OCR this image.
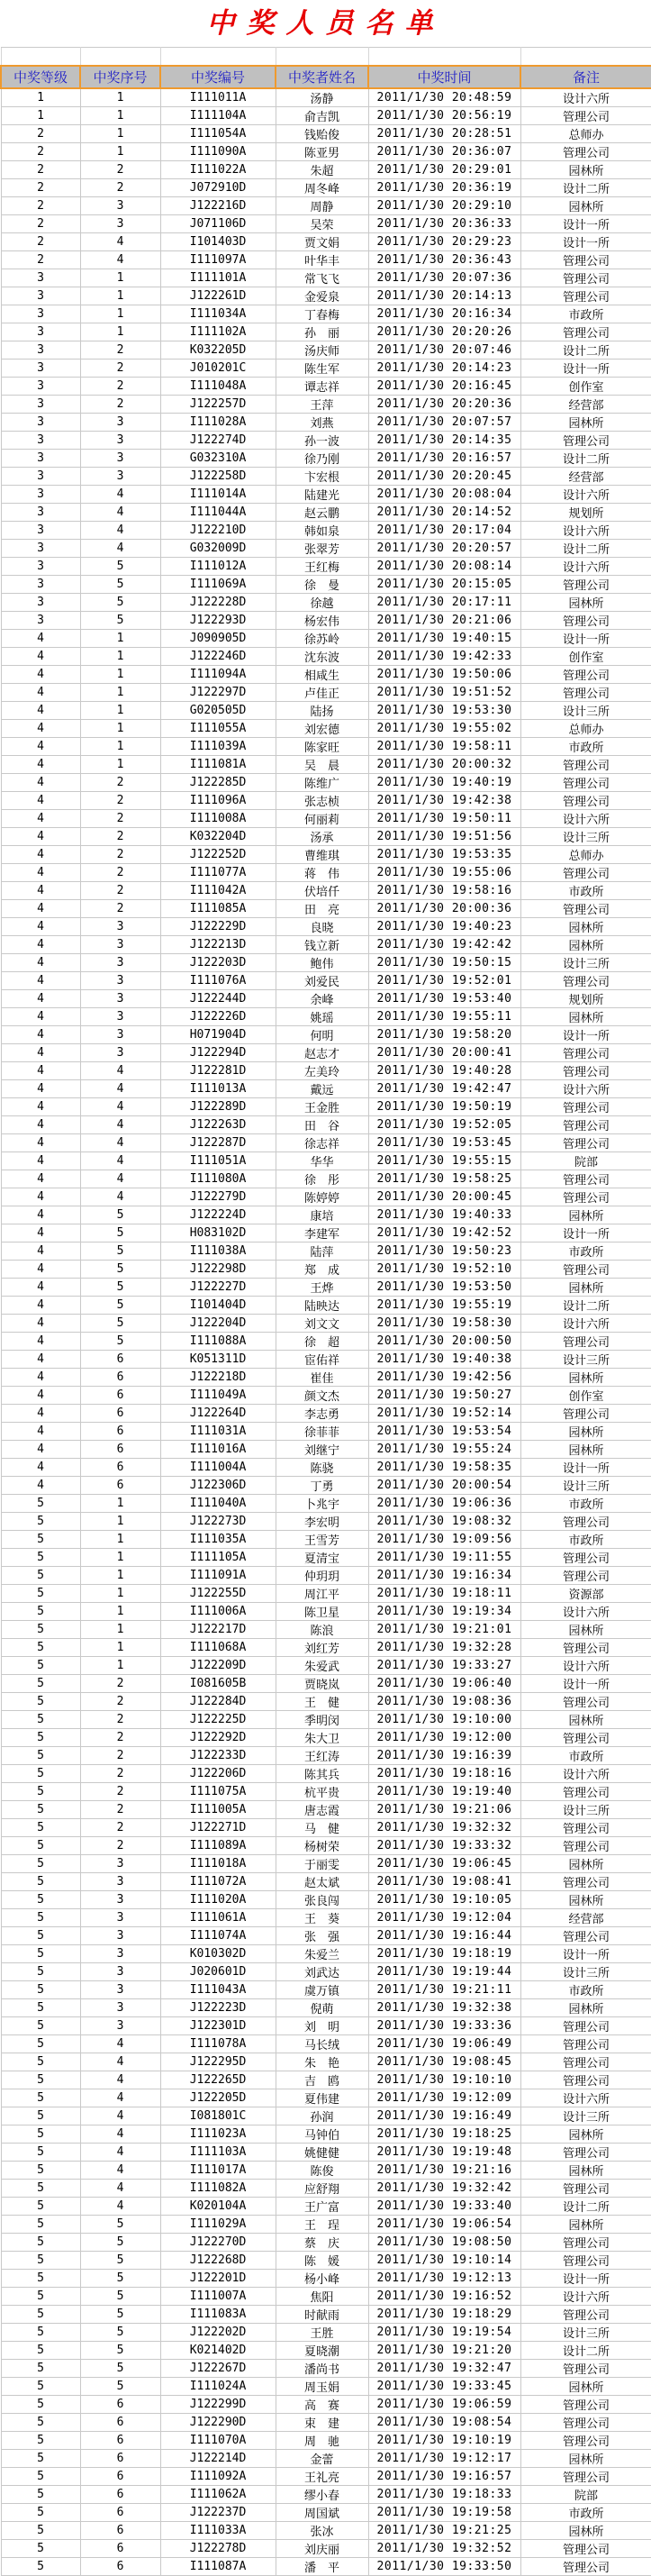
中奖人员名单

中奖等级	中奖序号	中奖编号	中奖者姓名	中奖时间	备注
1	1	I111011A	汤静	2011/1/30 20:48:59	设计六所
1	1	I111104A	俞吉凯	2011/1/30 20:56:19	管理公司
2	1	I111054A	钱贻俊	2011/1/30 20:28:51	总师办
2	1	I111090A	陈亚男	2011/1/30 20:36:07	管理公司
2	2	I111022A	朱超	2011/1/30 20:29:01	园林所
2	2	J072910D	周冬峰	2011/1/30 20:36:19	设计二所
2	3	J122216D	周静	2011/1/30 20:29:10	园林所
2	3	J071106D	吴荣	2011/1/30 20:36:33	设计一所
2	4	I101403D	贾文娟	2011/1/30 20:29:23	设计一所
2	4	I111097A	叶华丰	2011/1/30 20:36:43	管理公司
3	1	I111101A	常飞飞	2011/1/30 20:07:36	管理公司
3	1	J122261D	金爱泉	2011/1/30 20:14:13	管理公司
3	1	I111034A	丁春梅	2011/1/30 20:16:34	市政所
3	1	I111102A	孙　丽	2011/1/30 20:20:26	管理公司
3	2	K032205D	汤庆师	2011/1/30 20:07:46	设计二所
3	2	J010201C	陈生军	2011/1/30 20:14:23	设计一所
3	2	I111048A	谭志祥	2011/1/30 20:16:45	创作室
3	2	J122257D	王萍	2011/1/30 20:20:36	经营部
3	3	I111028A	刘燕	2011/1/30 20:07:57	园林所
3	3	J122274D	孙一波	2011/1/30 20:14:35	管理公司
3	3	G032310A	徐乃刚	2011/1/30 20:16:57	设计二所
3	3	J122258D	卞宏根	2011/1/30 20:20:45	经营部
3	4	I111014A	陆建光	2011/1/30 20:08:04	设计六所
3	4	I111044A	赵云鹏	2011/1/30 20:14:52	规划所
3	4	J122210D	韩如泉	2011/1/30 20:17:04	设计六所
3	4	G032009D	张翠芳	2011/1/30 20:20:57	设计二所
3	5	I111012A	王红梅	2011/1/30 20:08:14	设计六所
3	5	I111069A	徐　曼	2011/1/30 20:15:05	管理公司
3	5	J122228D	徐越	2011/1/30 20:17:11	园林所
3	5	J122293D	杨宏伟	2011/1/30 20:21:06	管理公司
4	1	J090905D	徐苏岭	2011/1/30 19:40:15	设计一所
4	1	J122246D	沈东波	2011/1/30 19:42:33	创作室
4	1	I111094A	相咸生	2011/1/30 19:50:06	管理公司
4	1	J122297D	卢佳正	2011/1/30 19:51:52	管理公司
4	1	G020505D	陆扬	2011/1/30 19:53:30	设计三所
4	1	I111055A	刘宏德	2011/1/30 19:55:02	总师办
4	1	I111039A	陈家旺	2011/1/30 19:58:11	市政所
4	1	I111081A	吴　晨	2011/1/30 20:00:32	管理公司
4	2	J122285D	陈维广	2011/1/30 19:40:19	管理公司
4	2	I111096A	张志桢	2011/1/30 19:42:38	管理公司
4	2	I111008A	何丽莉	2011/1/30 19:50:11	设计六所
4	2	K032204D	汤承	2011/1/30 19:51:56	设计三所
4	2	J122252D	曹维琪	2011/1/30 19:53:35	总师办
4	2	I111077A	蒋　伟	2011/1/30 19:55:06	管理公司
4	2	I111042A	伏培仟	2011/1/30 19:58:16	市政所
4	2	I111085A	田　亮	2011/1/30 20:00:36	管理公司
4	3	J122229D	良晓	2011/1/30 19:40:23	园林所
4	3	J122213D	钱立新	2011/1/30 19:42:42	园林所
4	3	J122203D	鲍伟	2011/1/30 19:50:15	设计三所
4	3	I111076A	刘爱民	2011/1/30 19:52:01	管理公司
4	3	J122244D	余峰	2011/1/30 19:53:40	规划所
4	3	J122226D	姚瑶	2011/1/30 19:55:11	园林所
4	3	H071904D	何明	2011/1/30 19:58:20	设计一所
4	3	J122294D	赵志才	2011/1/30 20:00:41	管理公司
4	4	J122281D	左美玲	2011/1/30 19:40:28	管理公司
4	4	I111013A	戴远	2011/1/30 19:42:47	设计六所
4	4	J122289D	王金胜	2011/1/30 19:50:19	管理公司
4	4	J122263D	田　谷	2011/1/30 19:52:05	管理公司
4	4	J122287D	徐志祥	2011/1/30 19:53:45	管理公司
4	4	I111051A	华华	2011/1/30 19:55:15	院部
4	4	I111080A	徐　彤	2011/1/30 19:58:25	管理公司
4	4	J122279D	陈婷婷	2011/1/30 20:00:45	管理公司
4	5	J122224D	康培	2011/1/30 19:40:33	园林所
4	5	H083102D	李建军	2011/1/30 19:42:52	设计一所
4	5	I111038A	陆萍	2011/1/30 19:50:23	市政所
4	5	J122298D	郑　成	2011/1/30 19:52:10	管理公司
4	5	J122227D	王烨	2011/1/30 19:53:50	园林所
4	5	I101404D	陆映达	2011/1/30 19:55:19	设计二所
4	5	J122204D	刘文文	2011/1/30 19:58:30	设计六所
4	5	I111088A	徐　超	2011/1/30 20:00:50	管理公司
4	6	K051311D	宦佑祥	2011/1/30 19:40:38	设计三所
4	6	J122218D	崔佳	2011/1/30 19:42:56	园林所
4	6	I111049A	颜文杰	2011/1/30 19:50:27	创作室
4	6	J122264D	李志勇	2011/1/30 19:52:14	管理公司
4	6	I111031A	徐菲菲	2011/1/30 19:53:54	园林所
4	6	I111016A	刘继宁	2011/1/30 19:55:24	园林所
4	6	I111004A	陈骁	2011/1/30 19:58:35	设计一所
4	6	J122306D	丁勇	2011/1/30 20:00:54	设计三所
5	1	I111040A	卜兆宇	2011/1/30 19:06:36	市政所
5	1	J122273D	李宏明	2011/1/30 19:08:32	管理公司
5	1	I111035A	王雪芳	2011/1/30 19:09:56	市政所
5	1	I111105A	夏清宝	2011/1/30 19:11:55	管理公司
5	1	I111091A	仲玥玥	2011/1/30 19:16:34	管理公司
5	1	J122255D	周江平	2011/1/30 19:18:11	资源部
5	1	I111006A	陈卫星	2011/1/30 19:19:34	设计六所
5	1	J122217D	陈浪	2011/1/30 19:21:01	园林所
5	1	I111068A	刘红芳	2011/1/30 19:32:28	管理公司
5	1	J122209D	朱爱武	2011/1/30 19:33:27	设计六所
5	2	I081605B	贾晓岚	2011/1/30 19:06:40	设计一所
5	2	J122284D	王　健	2011/1/30 19:08:36	管理公司
5	2	J122225D	季明闵	2011/1/30 19:10:00	园林所
5	2	J122292D	朱大卫	2011/1/30 19:12:00	管理公司
5	2	J122233D	王红涛	2011/1/30 19:16:39	市政所
5	2	J122206D	陈其兵	2011/1/30 19:18:16	设计六所
5	2	I111075A	杭平贵	2011/1/30 19:19:40	管理公司
5	2	I111005A	唐志霞	2011/1/30 19:21:06	设计三所
5	2	J122271D	马　健	2011/1/30 19:32:32	管理公司
5	2	I111089A	杨树荣	2011/1/30 19:33:32	管理公司
5	3	I111018A	于丽雯	2011/1/30 19:06:45	园林所
5	3	I111072A	赵太斌	2011/1/30 19:08:41	管理公司
5	3	I111020A	张良闯	2011/1/30 19:10:05	园林所
5	3	I111061A	王　葵	2011/1/30 19:12:04	经营部
5	3	I111074A	张　强	2011/1/30 19:16:44	管理公司
5	3	K010302D	朱爱兰	2011/1/30 19:18:19	设计一所
5	3	J020601D	刘武达	2011/1/30 19:19:44	设计三所
5	3	I111043A	虞万镇	2011/1/30 19:21:11	市政所
5	3	J122223D	倪萌	2011/1/30 19:32:38	园林所
5	3	J122301D	刘　明	2011/1/30 19:33:36	管理公司
5	4	I111078A	马长绒	2011/1/30 19:06:49	管理公司
5	4	J122295D	朱　艳	2011/1/30 19:08:45	管理公司
5	4	J122265D	吉　鸥	2011/1/30 19:10:10	管理公司
5	4	J122205D	夏伟建	2011/1/30 19:12:09	设计六所
5	4	I081801C	孙润	2011/1/30 19:16:49	设计三所
5	4	I111023A	马钟伯	2011/1/30 19:18:25	园林所
5	4	I111103A	姚健健	2011/1/30 19:19:48	管理公司
5	4	I111017A	陈俊	2011/1/30 19:21:16	园林所
5	4	I111082A	应舒翔	2011/1/30 19:32:42	管理公司
5	4	K020104A	王广富	2011/1/30 19:33:40	设计二所
5	5	I111029A	王　珵	2011/1/30 19:06:54	园林所
5	5	J122270D	蔡　庆	2011/1/30 19:08:50	管理公司
5	5	J122268D	陈　媛	2011/1/30 19:10:14	管理公司
5	5	J122201D	杨小峰	2011/1/30 19:12:13	设计一所
5	5	I111007A	焦阳	2011/1/30 19:16:52	设计六所
5	5	I111083A	时献雨	2011/1/30 19:18:29	管理公司
5	5	J122202D	王胜	2011/1/30 19:19:54	设计三所
5	5	K021402D	夏晓潮	2011/1/30 19:21:20	设计二所
5	5	J122267D	潘尚书	2011/1/30 19:32:47	管理公司
5	5	I111024A	周玉娟	2011/1/30 19:33:45	园林所
5	6	J122299D	高　赛	2011/1/30 19:06:59	管理公司
5	6	J122290D	束　建	2011/1/30 19:08:54	管理公司
5	6	I111070A	周　驰	2011/1/30 19:10:19	管理公司
5	6	J122214D	金蕾	2011/1/30 19:12:17	园林所
5	6	I111092A	王礼亮	2011/1/30 19:16:57	管理公司
5	6	I111062A	缪小春	2011/1/30 19:18:33	院部
5	6	J122237D	周国斌	2011/1/30 19:19:58	市政所
5	6	I111033A	张冰	2011/1/30 19:21:25	园林所
5	6	J122278D	刘庆丽	2011/1/30 19:32:52	管理公司
5	6	I111087A	潘　平	2011/1/30 19:33:50	管理公司
